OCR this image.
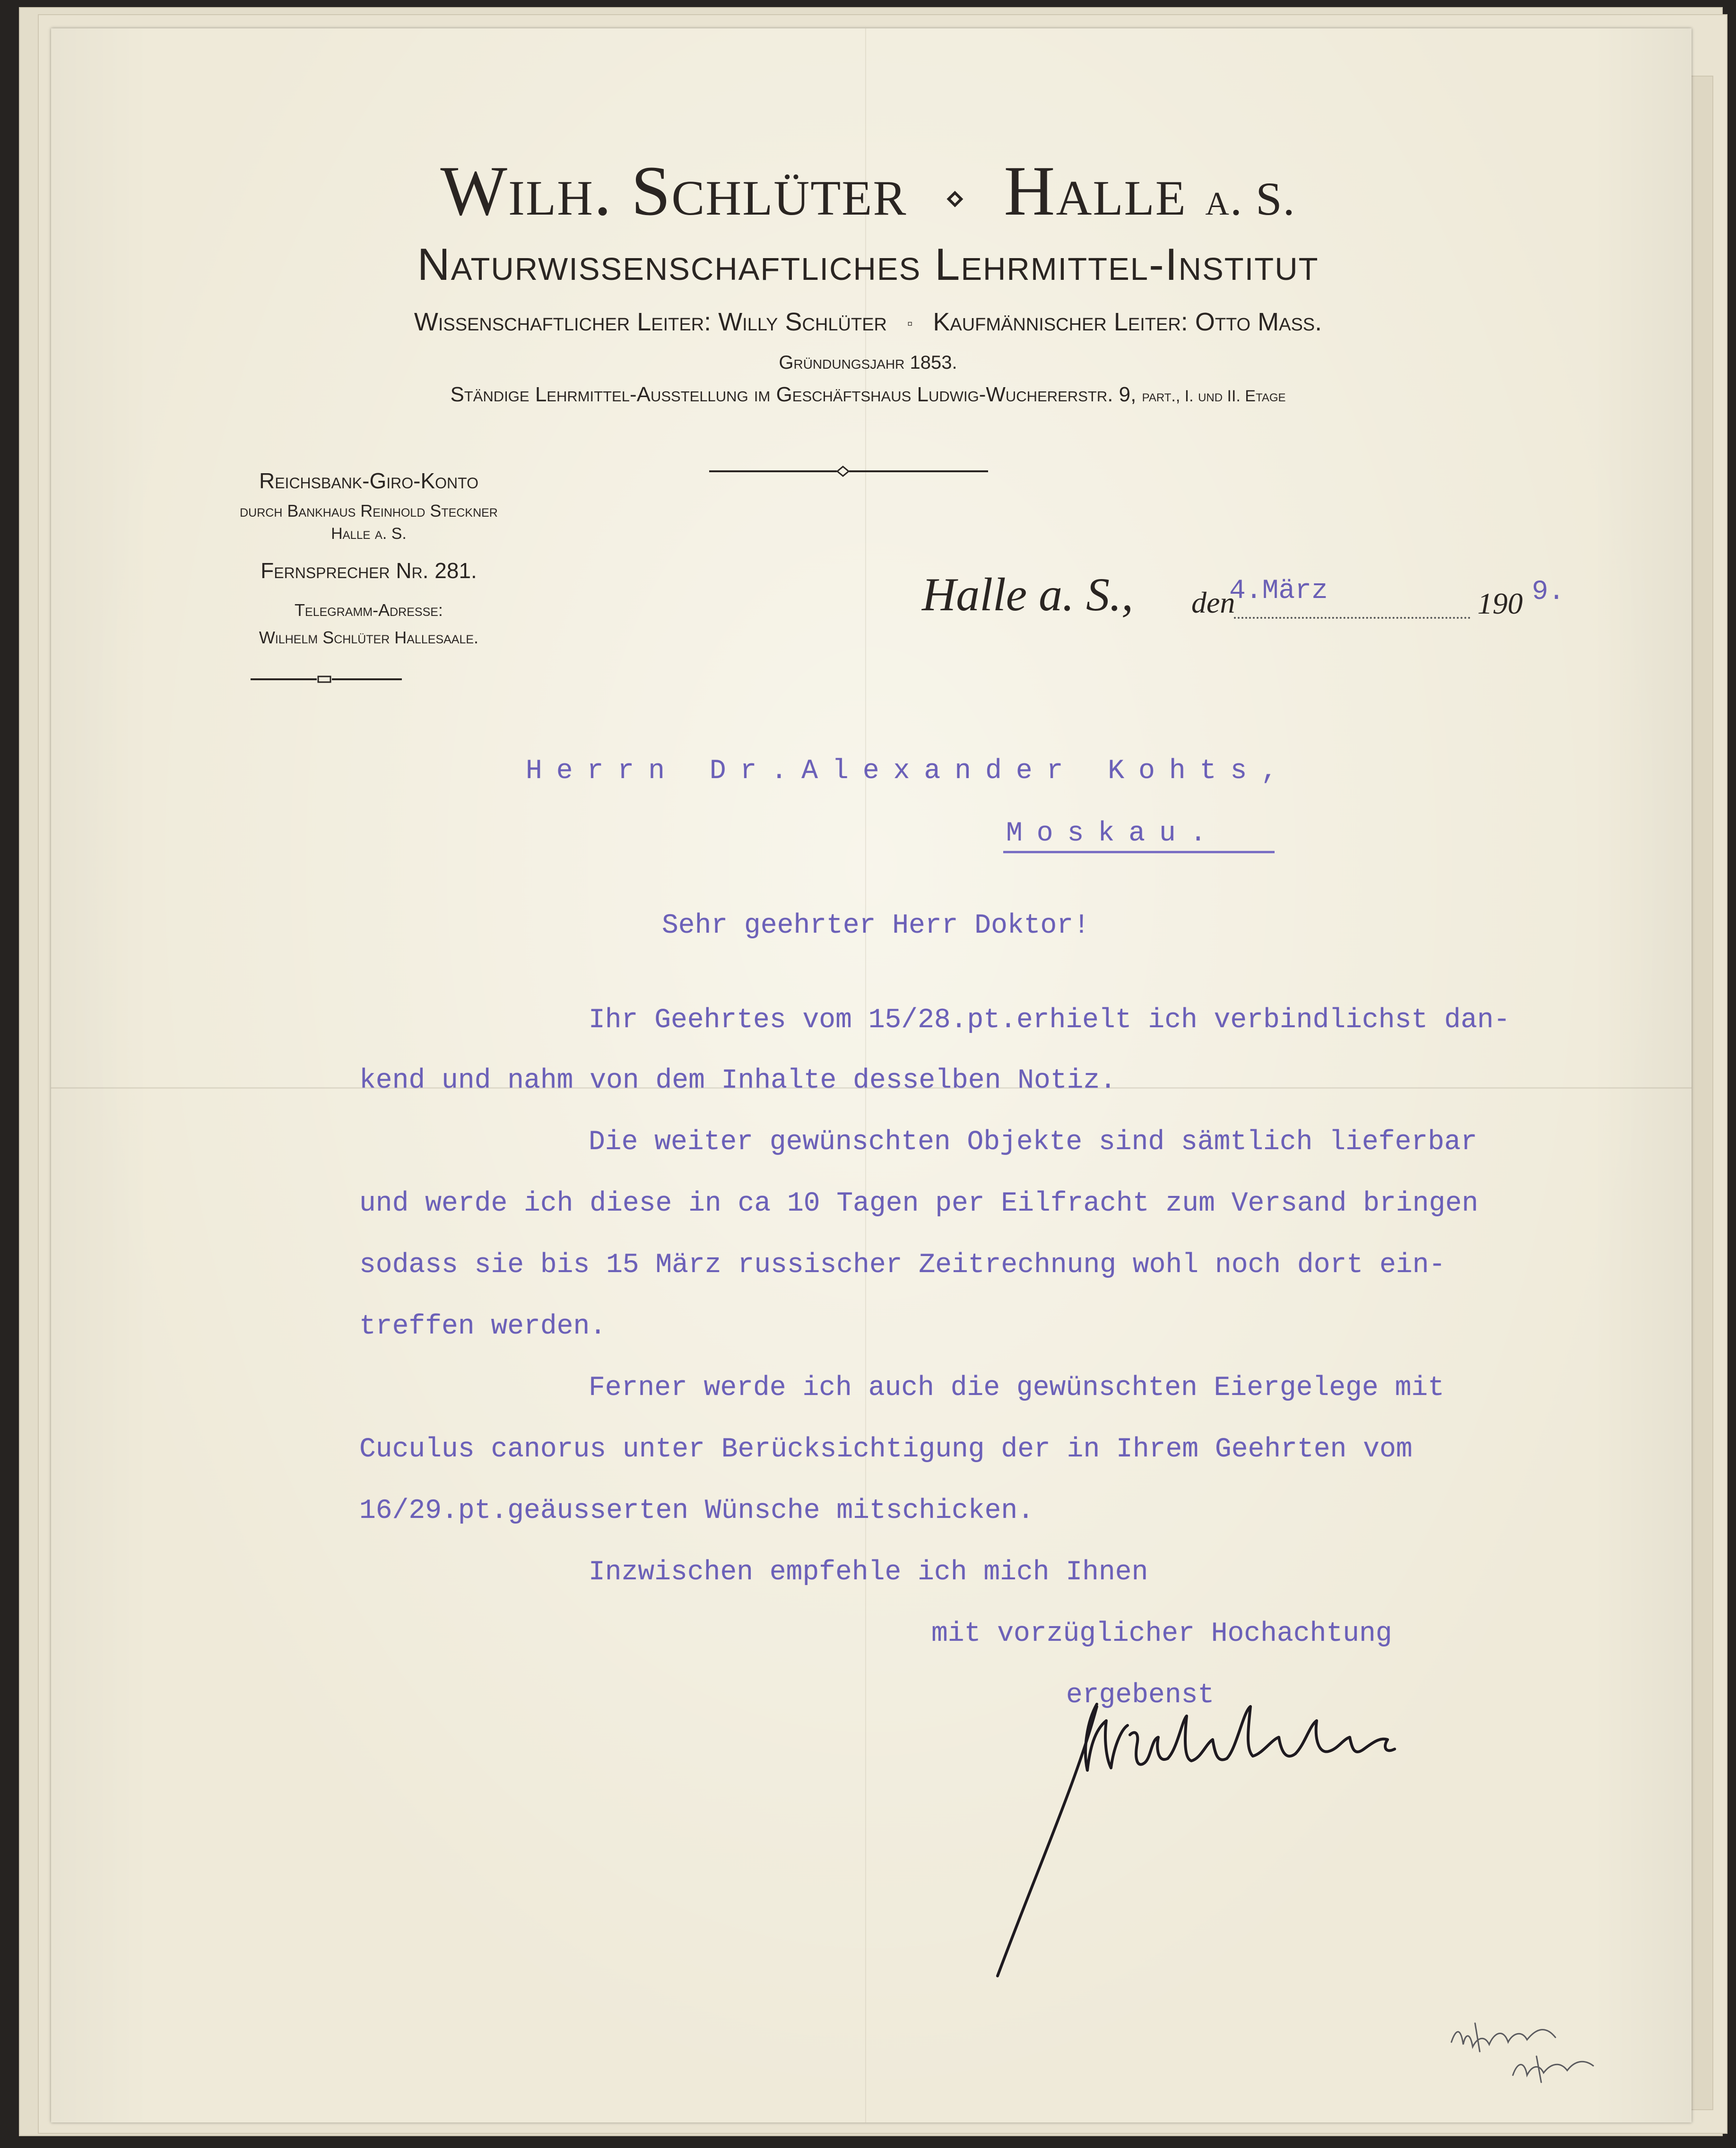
Wilh. Schlüter ⋄ Halle a. S.
Naturwissenschaftliches Lehrmittel-Institut
Wissenschaftlicher Leiter: Willy Schlüter ▫ Kaufmännischer Leiter: Otto Mass.
Gründungsjahr 1853.
Ständige Lehrmittel-Ausstellung im Geschäftshaus Ludwig-Wuchererstr. 9, part., I. und II. Etage
Reichsbank-Giro-Konto
durch Bankhaus Reinhold Steckner
Halle a. S.
Fernsprecher Nr. 281.
Telegramm-Adresse:
Wilhelm Schlüter Hallesaale.
Halle a. S., den
4.März	190 9.
Herrn Dr.Alexander Kohts,
Moskau.
Sehr geehrter Herr Doktor!
Ihr Geehrtes vom 15/28.pt.erhielt ich verbindlichst dan-
kend und nahm von dem Inhalte desselben Notiz.
Die weiter gewünschten Objekte sind sämtlich lieferbar
und werde ich diese in ca 10 Tagen per Eilfracht zum Versand bringen
sodass sie bis 15 März russischer Zeitrechnung wohl noch dort ein-
treffen werden.
Ferner werde ich auch die gewünschten Eiergelege mit
Cuculus canorus unter Berücksichtigung der in Ihrem Geehrten vom
16/29.pt.geäusserten Wünsche mitschicken.
Inzwischen empfehle ich mich Ihnen
mit vorzüglicher Hochachtung
ergebenst
